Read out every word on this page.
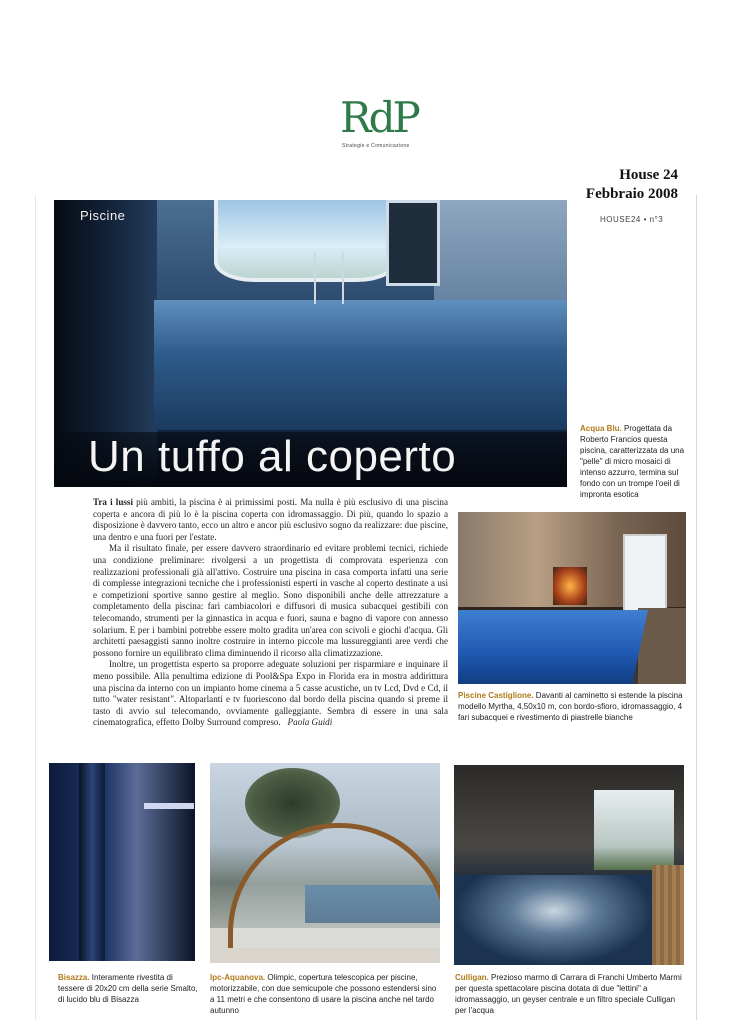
RdP
Strategie e Comunicazione
House 24
Febbraio 2008
HOUSE24 • n°3
Piscine
Un tuffo al coperto
Acqua Blu. Progettata da Roberto Francios questa piscina, caratterizzata da una "pelle" di micro mosaici di intenso azzurro, termina sul fondo con un trompe l'oeil di impronta esotica

Tra i lussi più ambiti, la piscina è ai primissimi posti. Ma nulla è più esclusivo di una piscina coperta e ancora di più lo è la piscina coperta con idromassaggio. Di più, quando lo spazio a disposizione è davvero tanto, ecco un altro e ancor più esclusivo sogno da realizzare: due piscine, una dentro e una fuori per l'estate.

Ma il risultato finale, per essere davvero straordinario ed evitare problemi tecnici, richiede una condizione preliminare: rivolgersi a un progettista di comprovata esperienza con realizzazioni professionali già all'attivo. Costruire una piscina in casa comporta infatti una serie di complesse integrazioni tecniche che i professionisti esperti in vasche al coperto destinate a usi e competizioni sportive sanno gestire al meglio. Sono disponibili anche delle attrezzature a completamento della piscina: fari cambiacolori e diffusori di musica subacquei gestibili con telecomando, strumenti per la ginnastica in acqua e fuori, sauna e bagno di vapore con annesso solarium. E per i bambini potrebbe essere molto gradita un'area con scivoli e giochi d'acqua. Gli architetti paesaggisti sanno inoltre costruire in interno piccole ma lussureggianti aree verdi che possono fornire un equilibrato clima diminuendo il ricorso alla climatizzazione.

Inoltre, un progettista esperto sa proporre adeguate soluzioni per risparmiare e inquinare il meno possibile. Alla penultima edizione di Pool&Spa Expo in Florida era in mostra addirittura una piscina da interno con un impianto home cinema a 5 casse acustiche, un tv Lcd, Dvd e Cd, il tutto "water resistant". Altoparlanti e tv fuoriescono dal bordo della piscina quando si preme il tasto di avvio sul telecomando, ovviamente galleggiante. Sembra di essere in una sala cinematografica, effetto Dolby Surround compreso. Paola Guidi

Piscine Castiglione. Davanti al caminetto si estende la piscina modello Myrtha, 4,50x10 m, con bordo-sfioro, idromassaggio, 4 fari subacquei e rivestimento di piastrelle bianche
Bisazza. Interamente rivestita di tessere di 20x20 cm della serie Smalto, di lucido blu di Bisazza
Ipc-Aquanova. Olimpic, copertura telescopica per piscine, motorizzabile, con due semicupole che possono estendersi sino a 11 metri e che consentono di usare la piscina anche nel tardo autunno
Culligan. Prezioso marmo di Carrara di Franchi Umberto Marmi per questa spettacolare piscina dotata di due "lettini" a idromassaggio, un geyser centrale e un filtro speciale Culligan per l'acqua
